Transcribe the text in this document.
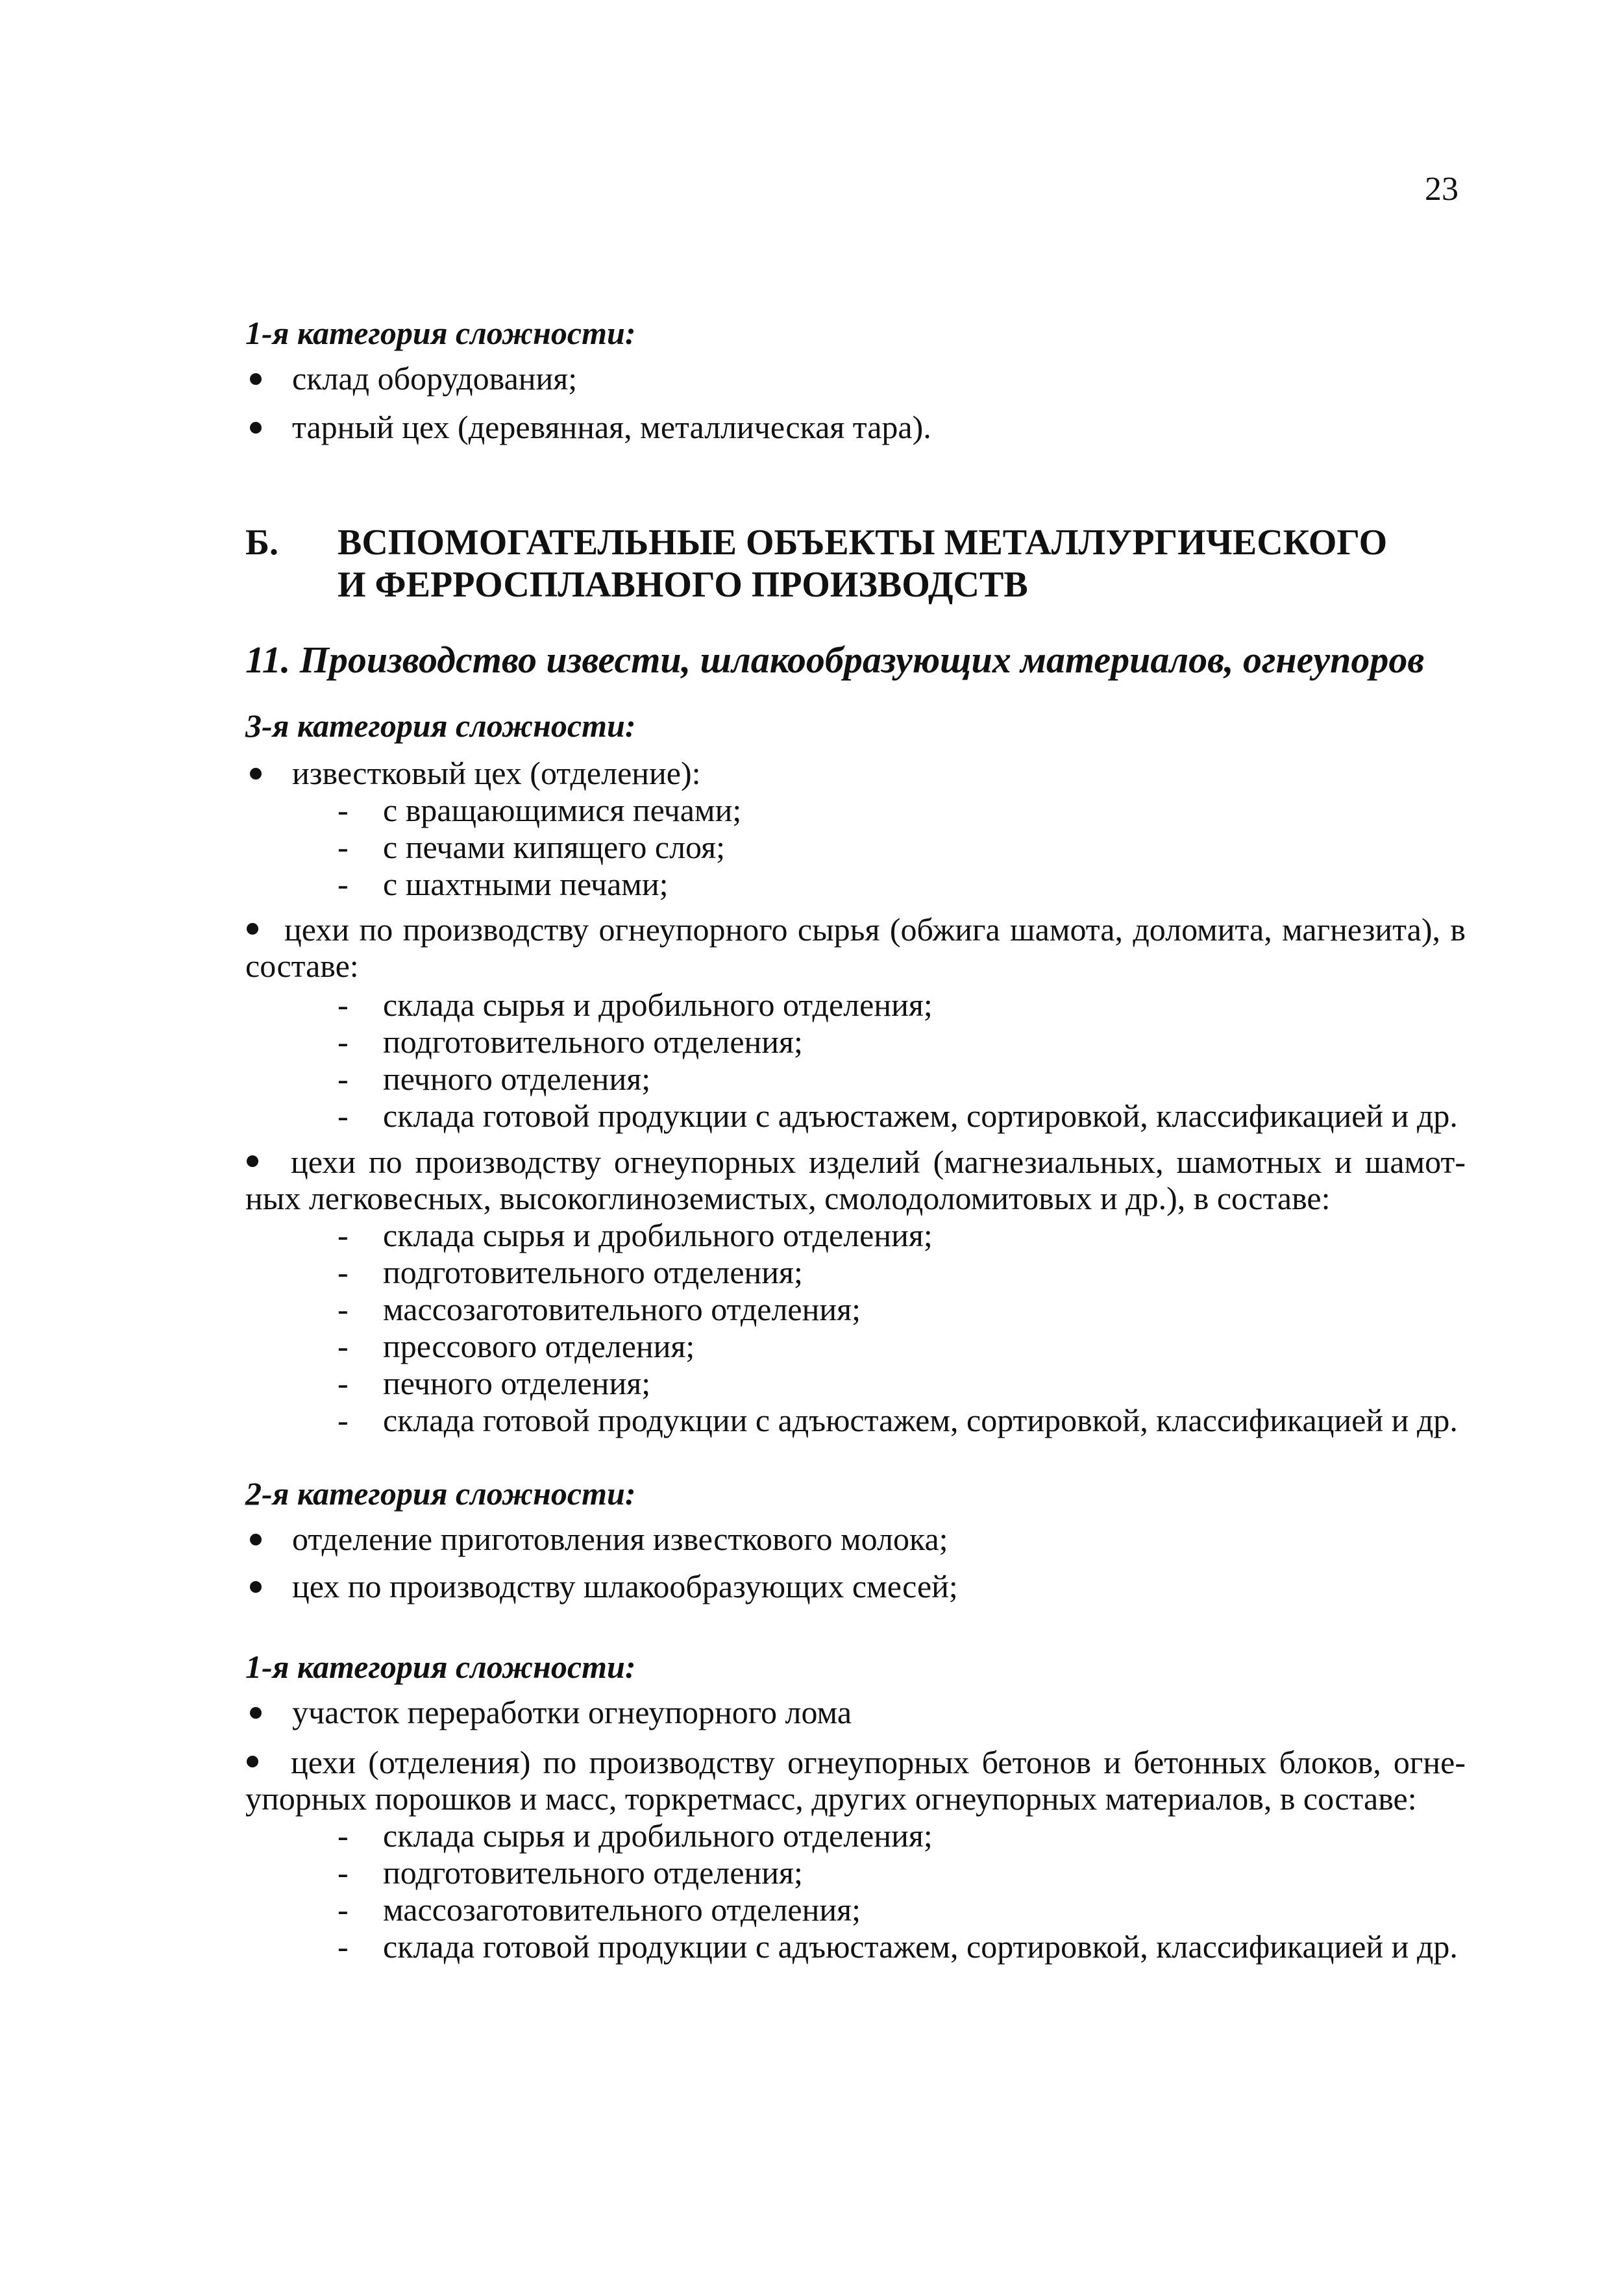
23
1-я категория сложности:
склад оборудования;
тарный цех (деревянная, металлическая тара).
Б. ВСПОМОГАТЕЛЬНЫЕ ОБЪЕКТЫ МЕТАЛЛУРГИЧЕСКОГО
И ФЕРРОСПЛАВНОГО ПРОИЗВОДСТВ
11. Производство извести, шлакообразующих материалов, огнеупоров
3-я категория сложности:
известковый цех (отделение):
- с вращающимися печами;
- с печами кипящего слоя;
- с шахтными печами;
цехи по производству огнеупорного сырья (обжига шамота, доломита, магнезита), в
составе:
- склада сырья и дробильного отделения;
- подготовительного отделения;
- печного отделения;
- склада готовой продукции с адъюстажем, сортировкой, классификацией и др.
цехи по производству огнеупорных изделий (магнезиальных, шамотных и шамот-
ных легковесных, высокоглиноземистых, смолодоломитовых и др.), в составе:
- склада сырья и дробильного отделения;
- подготовительного отделения;
- массозаготовительного отделения;
- прессового отделения;
- печного отделения;
- склада готовой продукции с адъюстажем, сортировкой, классификацией и др.
2-я категория сложности:
отделение приготовления известкового молока;
цех по производству шлакообразующих смесей;
1-я категория сложности:
участок переработки огнеупорного лома
цехи (отделения) по производству огнеупорных бетонов и бетонных блоков, огне-
упорных порошков и масс, торкретмасс, других огнеупорных материалов, в составе:
- склада сырья и дробильного отделения;
- подготовительного отделения;
- массозаготовительного отделения;
- склада готовой продукции с адъюстажем, сортировкой, классификацией и др.
